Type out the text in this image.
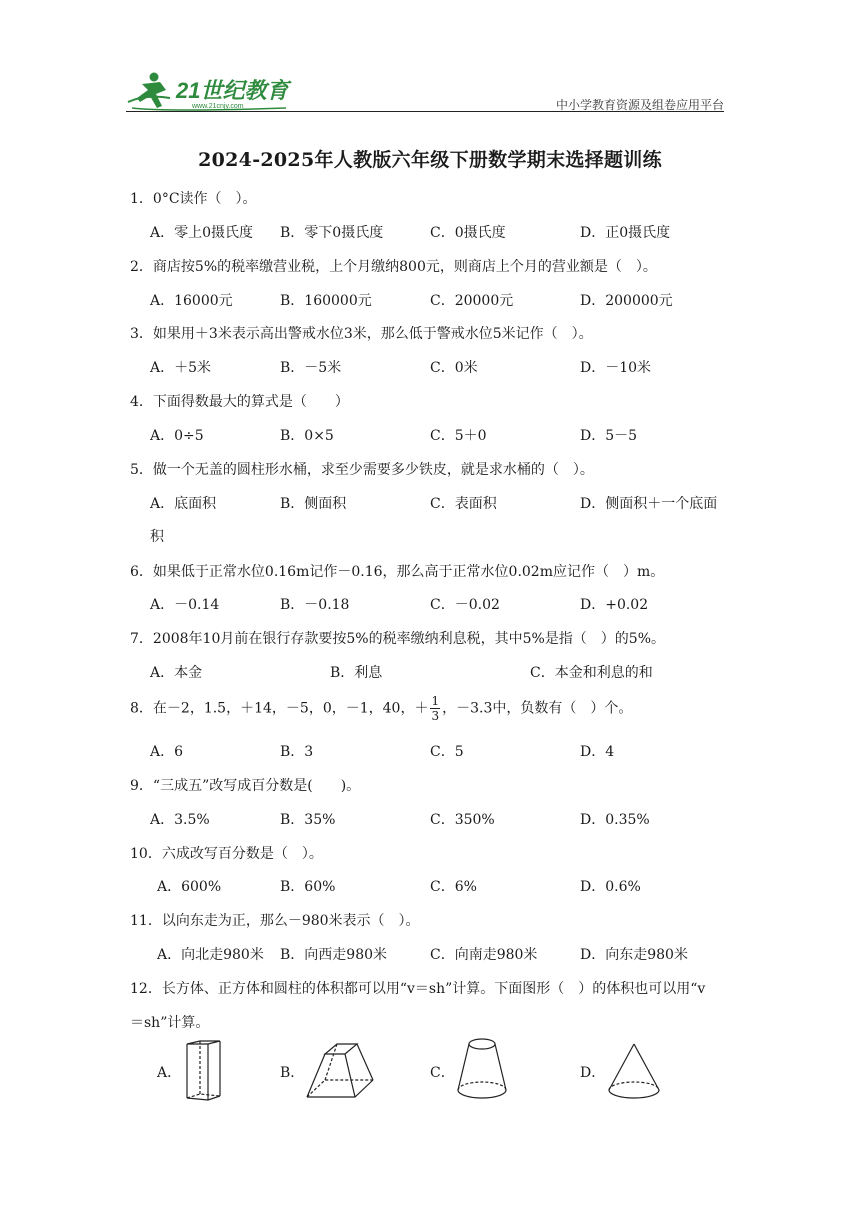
21世纪教育
www.21cnjy.com	中小学教育资源及组卷应用平台
2024-2025年人教版六年级下册数学期末选择题训练
1．0°C读作（　）。
A．零上0摄氏度 B．零下0摄氏度	C．0摄氏度	D．正0摄氏度
2．商店按5%的税率缴营业税，上个月缴纳800元，则商店上个月的营业额是（　）。
A．16000元	B．160000元	C．20000元	D．200000元
3．如果用＋3米表示高出警戒水位3米，那么低于警戒水位5米记作（　）。
A．＋5米	B．－5米	C．0米	D．－10米
4．下面得数最大的算式是（　　）
A．0÷5	B．0×5	C．5＋0	D．5－5
5．做一个无盖的圆柱形水桶，求至少需要多少铁皮，就是求水桶的（　）。
A．底面积	B．侧面积	C．表面积	D．侧面积＋一个底面
积
6．如果低于正常水位0.16m记作－0.16，那么高于正常水位0.02m应记作（　）m。
A．－0.14	B．－0.18	C．－0.02	D．+0.02
7．2008年10月前在银行存款要按5%的税率缴纳利息税，其中5%是指（　）的5%。
A．本金	B．利息	C．本金和利息的和
8．在－2，1.5，＋14，－5，0，－1，40，＋ $\frac{1}{3}$ ，－3.3中，负数有（　）个。
A．6	B．3	C．5	D．4
9．“三成五”改写成百分数是(　　)。
A．3.5%	B．35%	C．350%	D．0.35%
10．六成改写百分数是（　）。
A．600%	B．60%	C．6%	D．0.6%
11．以向东走为正，那么－980米表示（　）。
A．向北走980米 B．向西走980米	C．向南走980米	D．向东走980米
12．长方体、正方体和圆柱的体积都可以用“v＝sh”计算。下面图形（　）的体积也可以用“v
＝sh”计算。
A．	B．	C．	D．
